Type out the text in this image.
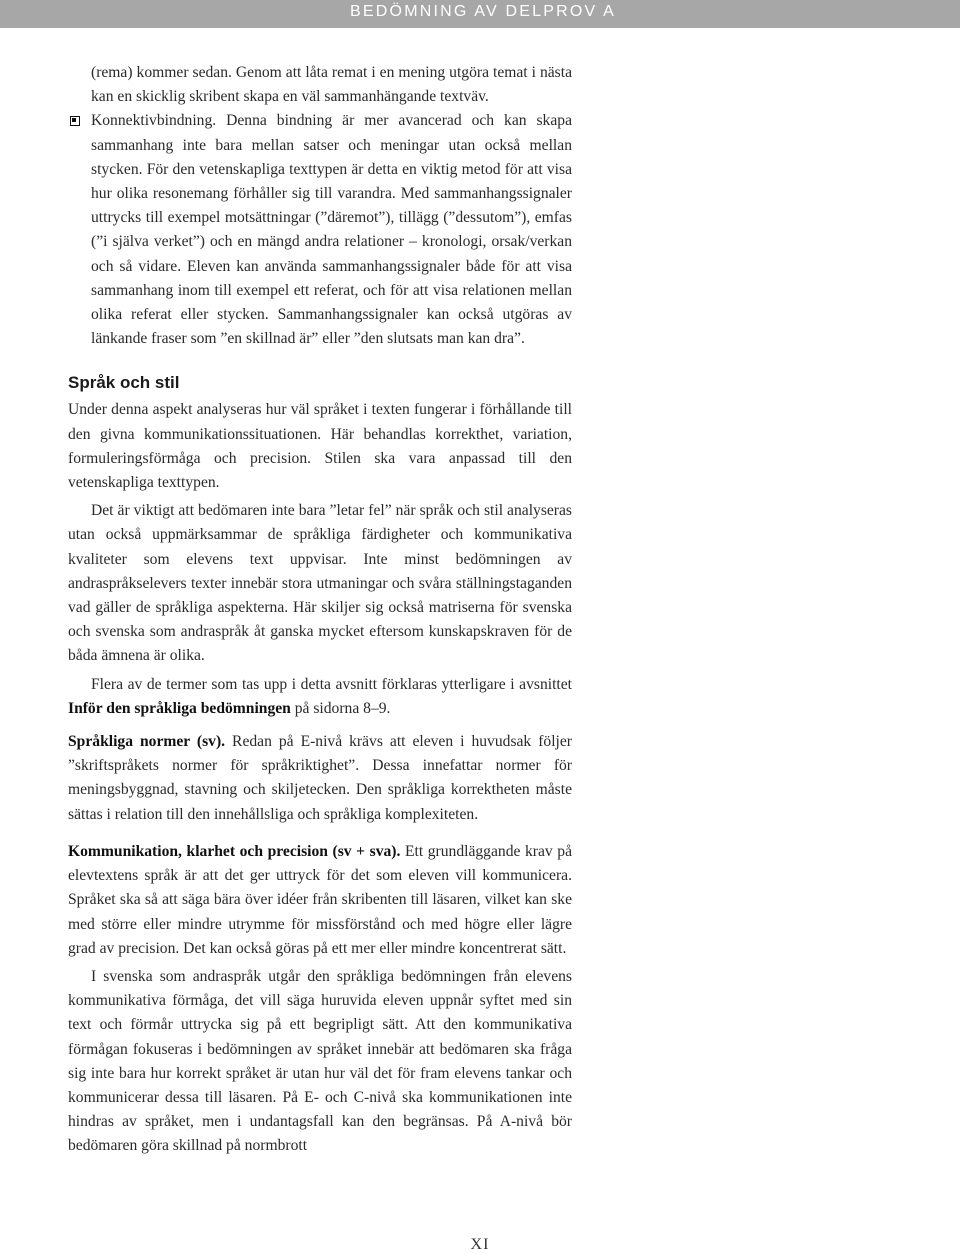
BEDÖMNING AV DELPROV A

(rema) kommer sedan. Genom att låta remat i en mening utgöra temat i nästa kan en skicklig skribent skapa en väl sammanhängande textväv.

Konnektivbindning. Denna bindning är mer avancerad och kan skapa sammanhang inte bara mellan satser och meningar utan också mellan stycken. För den vetenskapliga texttypen är detta en viktig metod för att visa hur olika resonemang förhåller sig till varandra. Med sammanhangssignaler uttrycks till exempel motsättningar (”däremot”), tillägg (”dessutom”), emfas (”i själva verket”) och en mängd andra relationer – kronologi, orsak/verkan och så vidare. Eleven kan använda sammanhangssignaler både för att visa sammanhang inom till exempel ett referat, och för att visa relationen mellan olika referat eller stycken. Sammanhangssignaler kan också utgöras av länkande fraser som ”en skillnad är” eller ”den slutsats man kan dra”.

Språk och stil

Under denna aspekt analyseras hur väl språket i texten fungerar i förhållande till den givna kommunikationssituationen. Här behandlas korrekthet, variation, formuleringsförmåga och precision. Stilen ska vara anpassad till den vetenskapliga texttypen.

Det är viktigt att bedömaren inte bara ”letar fel” när språk och stil analyseras utan också uppmärksammar de språkliga färdigheter och kommunikativa kvaliteter som elevens text uppvisar. Inte minst bedömningen av andraspråkselevers texter innebär stora utmaningar och svåra ställningstaganden vad gäller de språkliga aspekterna. Här skiljer sig också matriserna för svenska och svenska som andraspråk åt ganska mycket eftersom kunskapskraven för de båda ämnena är olika.

Flera av de termer som tas upp i detta avsnitt förklaras ytterligare i avsnittet Inför den språkliga bedömningen på sidorna 8–9.

Språkliga normer (sv). Redan på E-nivå krävs att eleven i huvudsak följer ”skriftspråkets normer för språkriktighet”. Dessa innefattar normer för meningsbyggnad, stavning och skiljetecken. Den språkliga korrektheten måste sättas i relation till den innehållsliga och språkliga komplexiteten.

Kommunikation, klarhet och precision (sv + sva). Ett grundläggande krav på elevtextens språk är att det ger uttryck för det som eleven vill kommunicera. Språket ska så att säga bära över idéer från skribenten till läsaren, vilket kan ske med större eller mindre utrymme för missförstånd och med högre eller lägre grad av precision. Det kan också göras på ett mer eller mindre koncentrerat sätt.

I svenska som andraspråk utgår den språkliga bedömningen från elevens kommunikativa förmåga, det vill säga huruvida eleven uppnår syftet med sin text och förmår uttrycka sig på ett begripligt sätt. Att den kommunikativa förmågan fokuseras i bedömningen av språket innebär att bedömaren ska fråga sig inte bara hur korrekt språket är utan hur väl det för fram elevens tankar och kommunicerar dessa till läsaren. På E- och C-nivå ska kommunikationen inte hindras av språket, men i undantagsfall kan den begränsas. På A-nivå bör bedömaren göra skillnad på normbrott

XI
